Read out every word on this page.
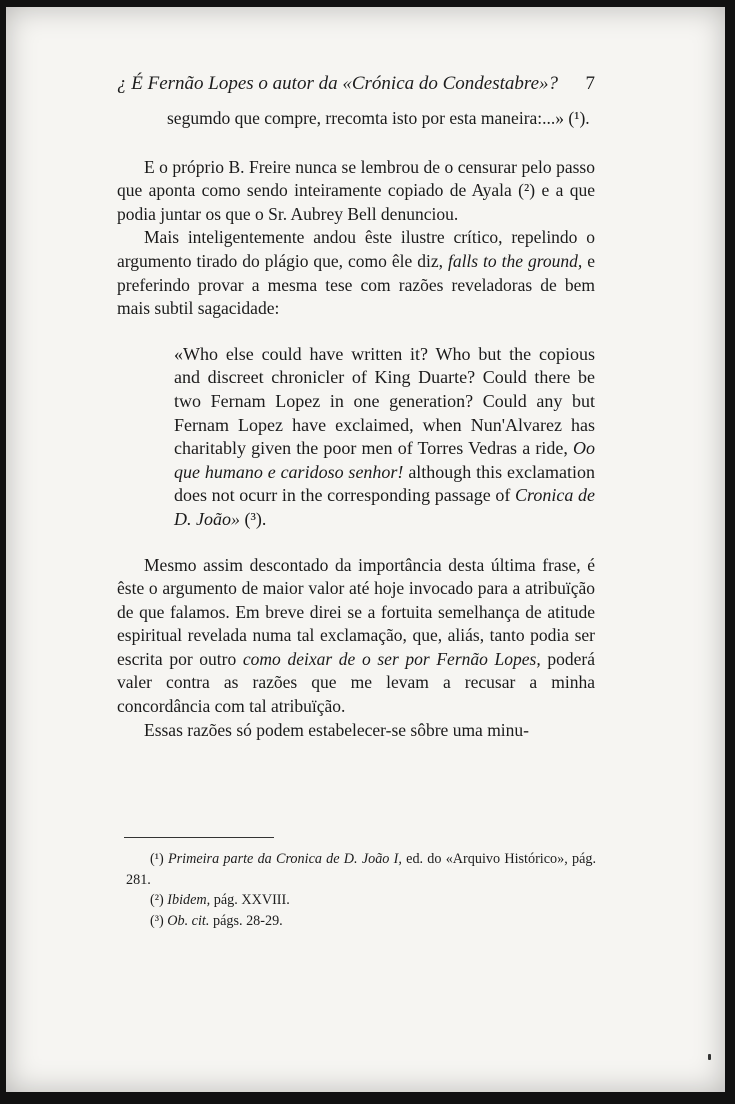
¿ É Fernão Lopes o autor da «Crónica do Condestabre»? 7

segumdo que compre, rrecomta isto por esta maneira:...» (¹).

E o próprio B. Freire nunca se lembrou de o censurar pelo passo que aponta como sendo inteiramente copiado de Ayala (²) e a que podia juntar os que o Sr. Aubrey Bell denunciou.

Mais inteligentemente andou êste ilustre crítico, repelindo o argumento tirado do plágio que, como êle diz, falls to the ground, e preferindo provar a mesma tese com razões reveladoras de bem mais subtil sagacidade:

«Who else could have written it? Who but the copious and discreet chronicler of King Duarte? Could there be two Fernam Lopez in one generation? Could any but Fernam Lopez have exclaimed, when Nun'Alvarez has charitably given the poor men of Torres Vedras a ride, Oo que humano e caridoso senhor! although this exclamation does not ocurr in the corresponding passage of Cronica de D. João» (³).

Mesmo assim descontado da importância desta última frase, é êste o argumento de maior valor até hoje invocado para a atribuïção de que falamos. Em breve direi se a fortuita semelhança de atitude espiritual revelada numa tal exclamação, que, aliás, tanto podia ser escrita por outro como deixar de o ser por Fernão Lopes, poderá valer contra as razões que me levam a recusar a minha concordância com tal atribuïção.

Essas razões só podem estabelecer-se sôbre uma minu-

(¹) Primeira parte da Cronica de D. João I, ed. do «Arquivo Histórico», pág. 281.

(²) Ibidem, pág. XXVIII.

(³) Ob. cit. págs. 28-29.
